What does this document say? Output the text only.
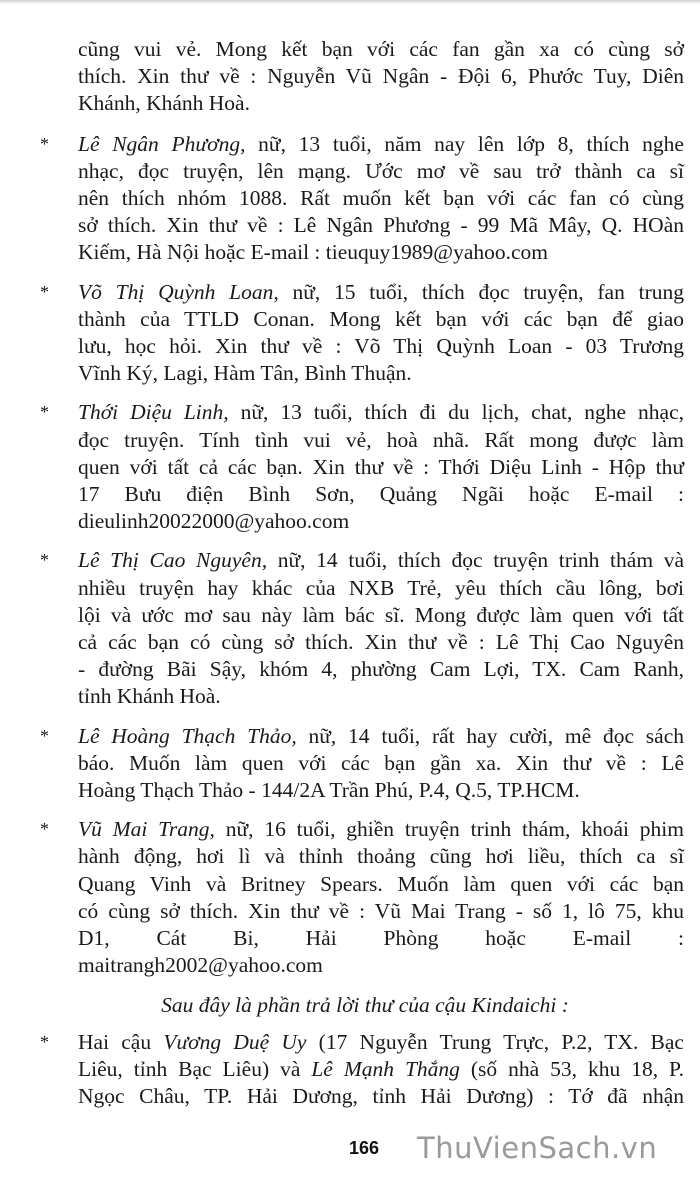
cũng vui vẻ. Mong kết bạn với các fan gần xa có cùng sở
thích. Xin thư về : Nguyễn Vũ Ngân - Đội 6, Phước Tuy, Diên
Khánh, Khánh Hoà.
* Lê Ngân Phương, nữ, 13 tuổi, năm nay lên lớp 8, thích nghe
nhạc, đọc truyện, lên mạng. Ước mơ về sau trở thành ca sĩ
nên thích nhóm 1088. Rất muốn kết bạn với các fan có cùng
sở thích. Xin thư về : Lê Ngân Phương - 99 Mã Mây, Q. HOàn
Kiếm, Hà Nội hoặc E-mail : tieuquy1989@yahoo.com
* Võ Thị Quỳnh Loan, nữ, 15 tuổi, thích đọc truyện, fan trung
thành của TTLD Conan. Mong kết bạn với các bạn để giao
lưu, học hỏi. Xin thư về : Võ Thị Quỳnh Loan - 03 Trương
Vĩnh Ký, Lagi, Hàm Tân, Bình Thuận.
* Thới Diệu Linh, nữ, 13 tuổi, thích đi du lịch, chat, nghe nhạc,
đọc truyện. Tính tình vui vẻ, hoà nhã. Rất mong được làm
quen với tất cả các bạn. Xin thư về : Thới Diệu Linh - Hộp thư
17 Bưu điện Bình Sơn, Quảng Ngãi hoặc E-mail :
dieulinh20022000@yahoo.com
* Lê Thị Cao Nguyên, nữ, 14 tuổi, thích đọc truyện trinh thám và
nhiều truyện hay khác của NXB Trẻ, yêu thích cầu lông, bơi
lội và ước mơ sau này làm bác sĩ. Mong được làm quen với tất
cả các bạn có cùng sở thích. Xin thư về : Lê Thị Cao Nguyên
- đường Bãi Sậy, khóm 4, phường Cam Lợi, TX. Cam Ranh,
tỉnh Khánh Hoà.
* Lê Hoàng Thạch Thảo, nữ, 14 tuổi, rất hay cười, mê đọc sách
báo. Muốn làm quen với các bạn gần xa. Xin thư về : Lê
Hoàng Thạch Thảo - 144/2A Trần Phú, P.4, Q.5, TP.HCM.
* Vũ Mai Trang, nữ, 16 tuổi, ghiền truyện trinh thám, khoái phim
hành động, hơi lì và thỉnh thoảng cũng hơi liều, thích ca sĩ
Quang Vinh và Britney Spears. Muốn làm quen với các bạn
có cùng sở thích. Xin thư về : Vũ Mai Trang - số 1, lô 75, khu
D1, Cát Bi, Hải Phòng hoặc E-mail :
maitrangh2002@yahoo.com
Sau đây là phần trả lời thư của cậu Kindaichi :
* Hai cậu Vương Duệ Uy (17 Nguyễn Trung Trực, P.2, TX. Bạc
Liêu, tỉnh Bạc Liêu) và Lê Mạnh Thắng (số nhà 53, khu 18, P.
Ngọc Châu, TP. Hải Dương, tỉnh Hải Dương) : Tớ đã nhận
166 ThuVienSach.vn
